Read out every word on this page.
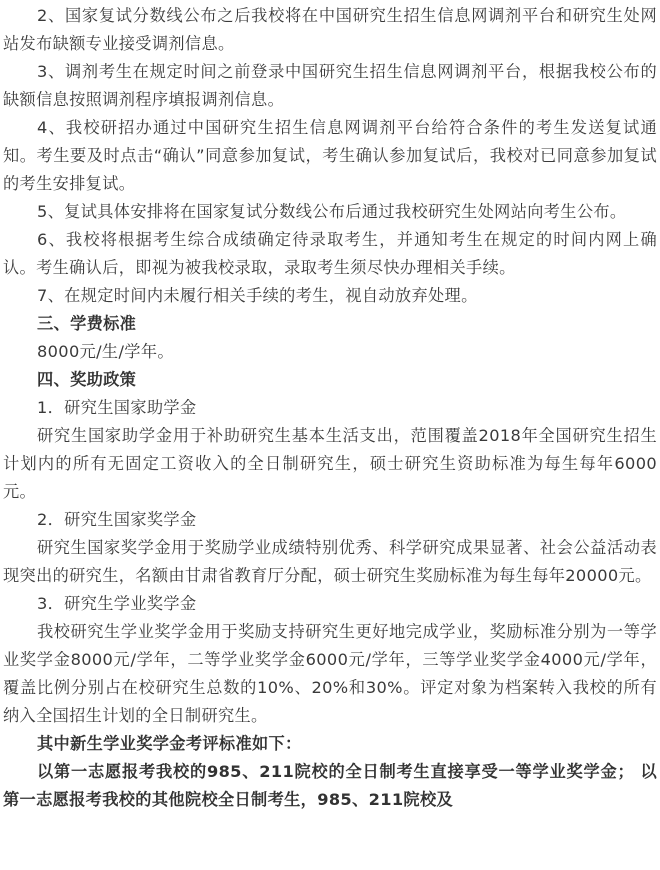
2、国家复试分数线公布之后我校将在中国研究生招生信息网调剂平台和研究生处网站发布缺额专业接受调剂信息。

3、调剂考生在规定时间之前登录中国研究生招生信息网调剂平台，根据我校公布的缺额信息按照调剂程序填报调剂信息。

4、我校研招办通过中国研究生招生信息网调剂平台给符合条件的考生发送复试通知。考生要及时点击“确认”同意参加复试，考生确认参加复试后，我校对已同意参加复试的考生安排复试。

5、复试具体安排将在国家复试分数线公布后通过我校研究生处网站向考生公布。

6、我校将根据考生综合成绩确定待录取考生，并通知考生在规定的时间内网上确认。考生确认后，即视为被我校录取，录取考生须尽快办理相关手续。

7、在规定时间内未履行相关手续的考生，视自动放弃处理。

三、学费标准

8000元/生/学年。

四、奖助政策

1．研究生国家助学金

研究生国家助学金用于补助研究生基本生活支出，范围覆盖2018年全国研究生招生计划内的所有无固定工资收入的全日制研究生，硕士研究生资助标准为每生每年6000元。

2．研究生国家奖学金

研究生国家奖学金用于奖励学业成绩特别优秀、科学研究成果显著、社会公益活动表现突出的研究生，名额由甘肃省教育厅分配，硕士研究生奖励标准为每生每年20000元。

3．研究生学业奖学金

我校研究生学业奖学金用于奖励支持研究生更好地完成学业，奖励标准分别为一等学业奖学金8000元/学年，二等学业奖学金6000元/学年，三等学业奖学金4000元/学年，覆盖比例分别占在校研究生总数的10%、20%和30%。评定对象为档案转入我校的所有纳入全国招生计划的全日制研究生。

其中新生学业奖学金考评标准如下：

以第一志愿报考我校的985、211院校的全日制考生直接享受一等学业奖学金； 以第一志愿报考我校的其他院校全日制考生，985、211院校及
